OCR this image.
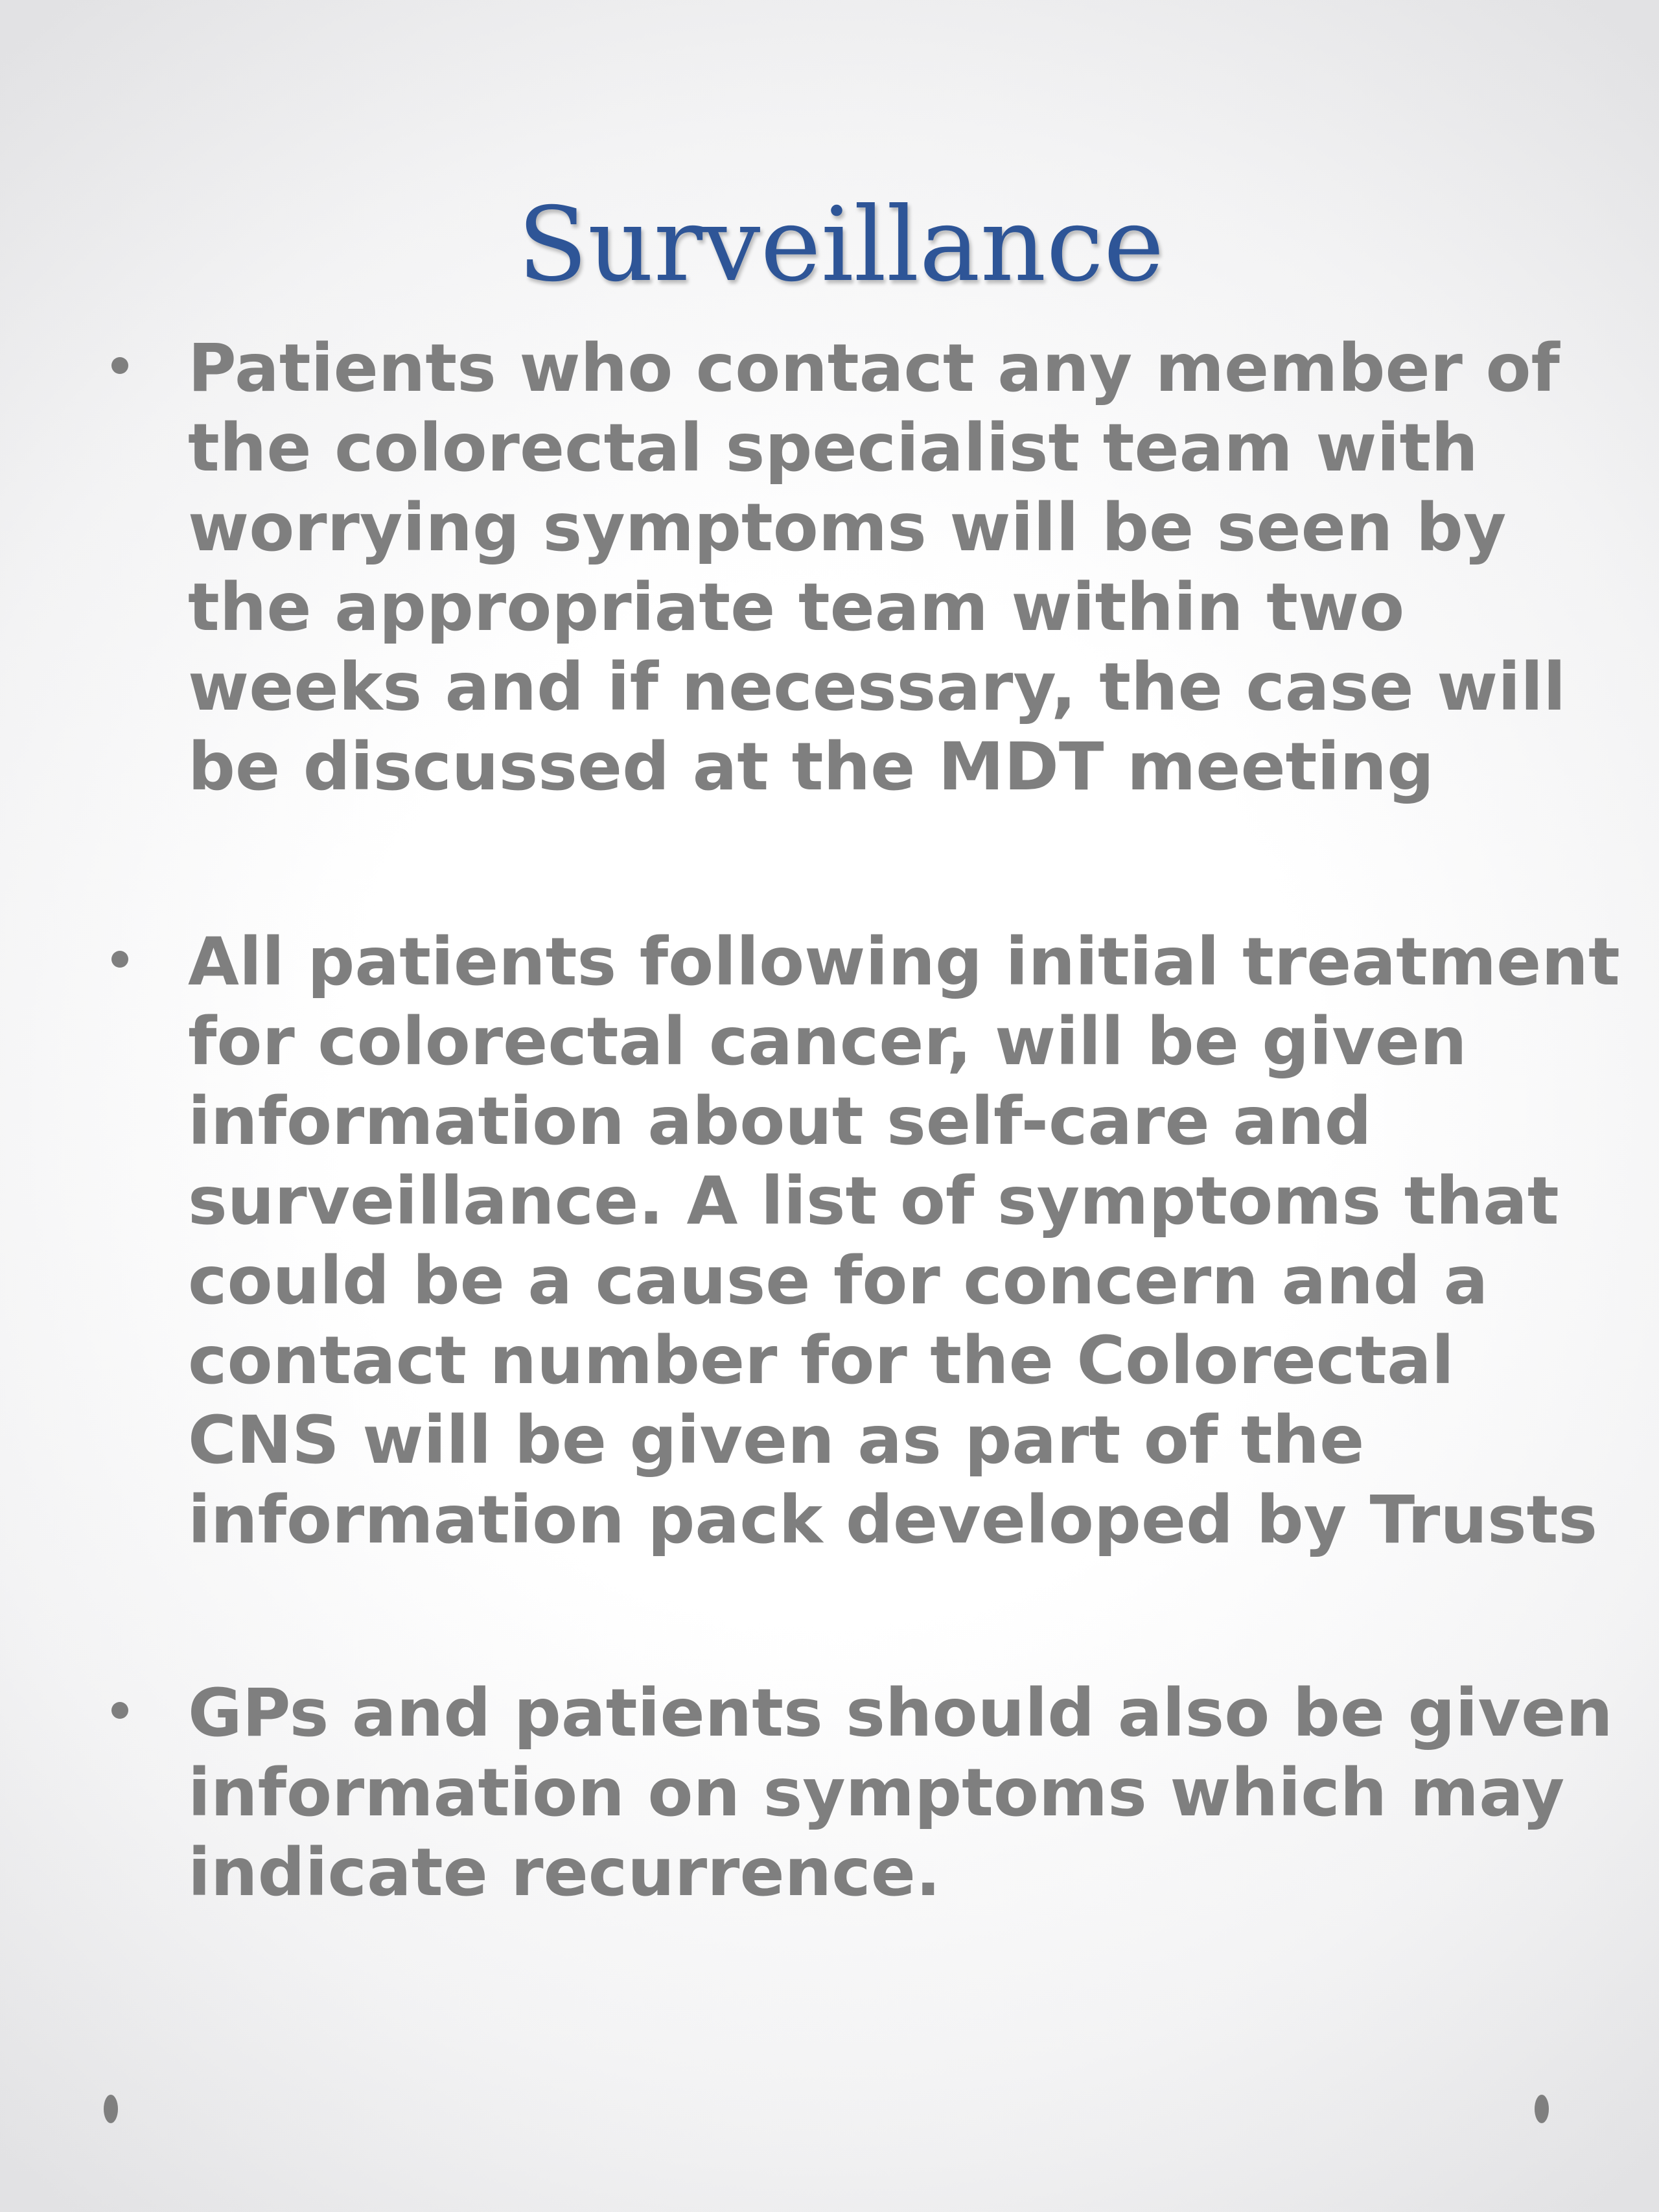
Surveillance
Patients who contact any member of
the colorectal specialist team with
worrying symptoms will be seen by
the appropriate team within two
weeks and if necessary, the case will
be discussed at the MDT meeting
All patients following initial treatment
for colorectal cancer, will be given
information about self-care and
surveillance. A list of symptoms that
could be a cause for concern and a
contact number for the Colorectal
CNS will be given as part of the
information pack developed by Trusts
GPs and patients should also be given
information on symptoms which may
indicate recurrence.
